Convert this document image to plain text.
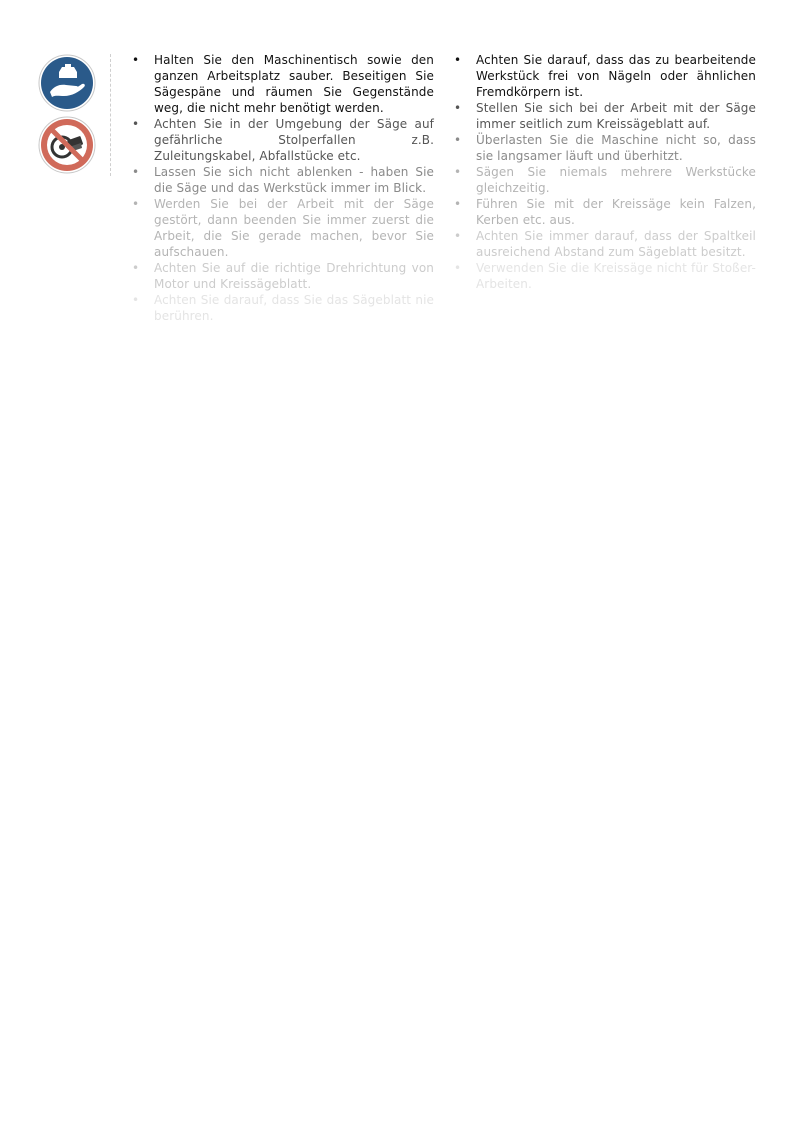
•	Halten Sie den Maschinentisch sowie den ganzen Arbeitsplatz sauber. Beseitigen Sie Sägespäne und räumen Sie Gegenstände weg, die nicht mehr benötigt werden.
•	Achten Sie in der Umgebung der Säge auf gefährliche Stolperfallen z.B. Zuleitungskabel, Abfallstücke etc.
•	Lassen Sie sich nicht ablenken - haben Sie die Säge und das Werkstück immer im Blick.
•	Werden Sie bei der Arbeit mit der Säge gestört, dann beenden Sie immer zuerst die Arbeit, die Sie gerade machen, bevor Sie aufschauen.
•	Achten Sie auf die richtige Drehrichtung von Motor und Kreissägeblatt.
•	Achten Sie darauf, dass Sie das Sägeblatt nie berühren.
•	Achten Sie darauf, dass das zu bearbeitende Werkstück frei von Nägeln oder ähnlichen Fremdkörpern ist.
•	Stellen Sie sich bei der Arbeit mit der Säge immer seitlich zum Kreissägeblatt auf.
•	Überlasten Sie die Maschine nicht so, dass sie langsamer läuft und überhitzt.
•	Sägen Sie niemals mehrere Werkstücke gleichzeitig.
•	Führen Sie mit der Kreissäge kein Falzen, Kerben etc. aus.
•	Achten Sie immer darauf, dass der Spaltkeil ausreichend Abstand zum Sägeblatt besitzt.
•	Verwenden Sie die Kreissäge nicht für Stoßer-Arbeiten.
